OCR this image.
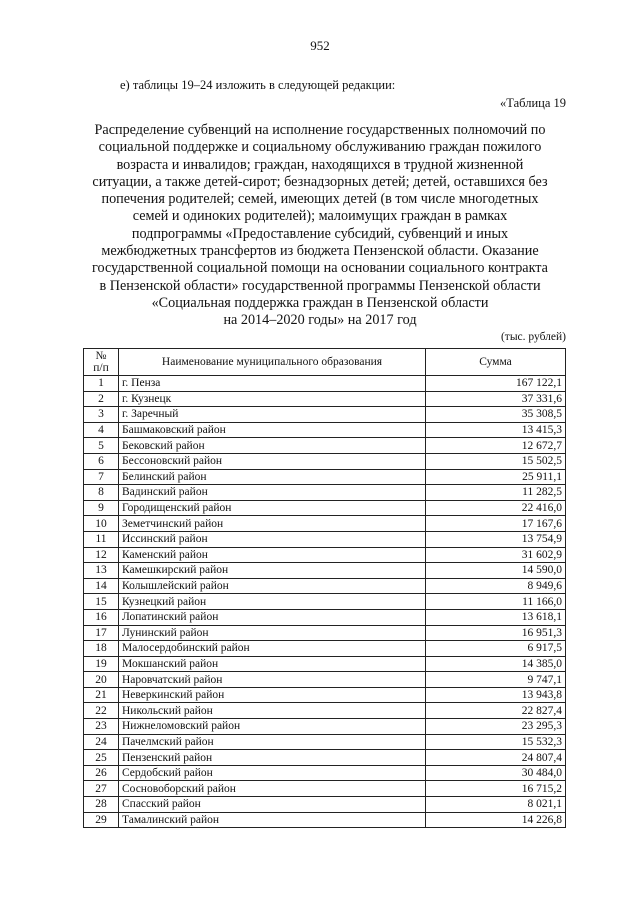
952
е) таблицы 19–24 изложить в следующей редакции:
«Таблица 19
Распределение субвенций на исполнение государственных полномочий по
социальной поддержке и социальному обслуживанию граждан пожилого
возраста и инвалидов; граждан, находящихся в трудной жизненной
ситуации, а также детей-сирот; безнадзорных детей; детей, оставшихся без
попечения родителей; семей, имеющих детей (в том числе многодетных
семей и одиноких родителей); малоимущих граждан в рамках
подпрограммы «Предоставление субсидий, субвенций и иных
межбюджетных трансфертов из бюджета Пензенской области. Оказание
государственной социальной помощи на основании социального контракта
в Пензенской области» государственной программы Пензенской области
«Социальная поддержка граждан в Пензенской области
на 2014–2020 годы» на 2017 год
(тыс. рублей)
№
п/п	Наименование муниципального образования	Сумма
1	г. Пенза	167 122,1
2	г. Кузнецк	37 331,6
3	г. Заречный	35 308,5
4	Башмаковский район	13 415,3
5	Бековский район	12 672,7
6	Бессоновский район	15 502,5
7	Белинский район	25 911,1
8	Вадинский район	11 282,5
9	Городищенский район	22 416,0
10	Земетчинский район	17 167,6
11	Иссинский район	13 754,9
12	Каменский район	31 602,9
13	Камешкирский район	14 590,0
14	Колышлейский район	8 949,6
15	Кузнецкий район	11 166,0
16	Лопатинский район	13 618,1
17	Лунинский район	16 951,3
18	Малосердобинский район	6 917,5
19	Мокшанский район	14 385,0
20	Наровчатский район	9 747,1
21	Неверкинский район	13 943,8
22	Никольский район	22 827,4
23	Нижнеломовский район	23 295,3
24	Пачелмский район	15 532,3
25	Пензенский район	24 807,4
26	Сердобский район	30 484,0
27	Сосновоборский район	16 715,2
28	Спасский район	8 021,1
29	Тамалинский район	14 226,8
